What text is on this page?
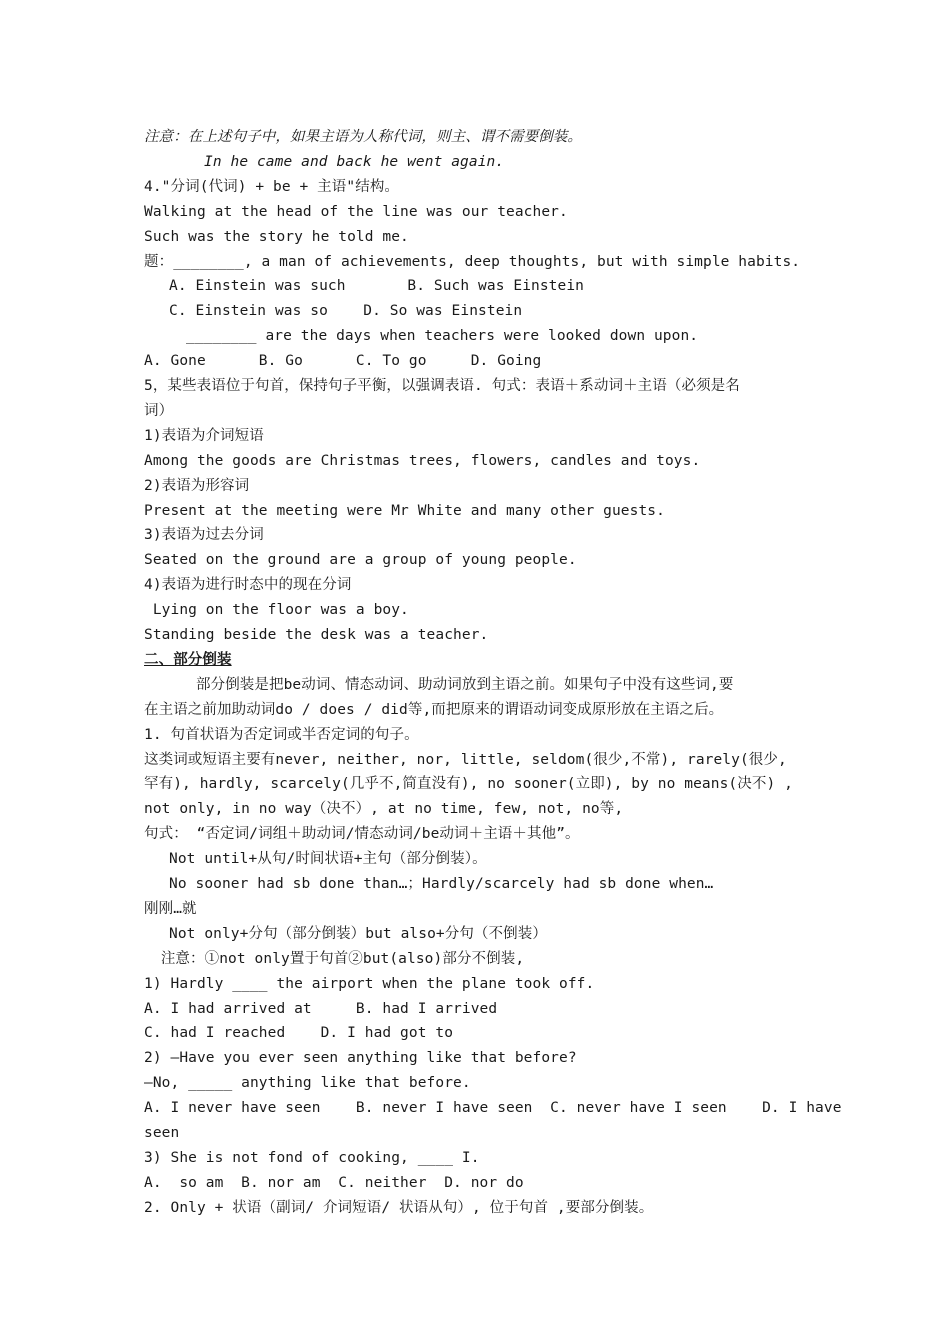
注意：在上述句子中，如果主语为人称代词，则主、谓不需要倒装。
In he came and back he went again.
4."分词(代词) + be + 主语"结构。
Walking at the head of the line was our teacher.
Such was the story he told me.
题：________, a man of achievements, deep thoughts, but with simple habits.
A. Einstein was such       B. Such was Einstein
C. Einstein was so    D. So was Einstein
________ are the days when teachers were looked down upon.
A. Gone      B. Go      C. To go     D. Going
5，某些表语位于句首，保持句子平衡，以强调表语. 句式：表语＋系动词＋主语（必须是名
词）
1)表语为介词短语
Among the goods are Christmas trees, flowers, candles and toys.
2)表语为形容词
Present at the meeting were Mr White and many other guests.
3)表语为过去分词
Seated on the ground are a group of young people.
4)表语为进行时态中的现在分词
Lying on the floor was a boy.
Standing beside the desk was a teacher.
二、部分倒装
部分倒装是把be动词、情态动词、助动词放到主语之前。如果句子中没有这些词,要
在主语之前加助动词do / does / did等,而把原来的谓语动词变成原形放在主语之后。
1. 句首状语为否定词或半否定词的句子。
这类词或短语主要有never, neither, nor, little, seldom(很少,不常), rarely(很少,
罕有), hardly, scarcely(几乎不,简直没有), no sooner(立即), by no means(决不) ,
not only, in no way（决不）, at no time, few, not, no等,
句式： “否定词/词组＋助动词/情态动词/be动词＋主语＋其他”。
Not until+从句/时间状语+主句（部分倒装）。
No sooner had sb done than…；Hardly/scarcely had sb done when…
刚刚…就
Not only+分句（部分倒装）but also+分句（不倒装）
注意：①not only置于句首②but(also)部分不倒装,
1) Hardly ____ the airport when the plane took off.
A. I had arrived at     B. had I arrived
C. had I reached    D. I had got to
2) —Have you ever seen anything like that before?
—No, _____ anything like that before.
A. I never have seen    B. never I have seen  C. never have I seen    D. I have
seen
3) She is not fond of cooking, ____ I.
A.  so am  B. nor am  C. neither  D. nor do
2. Only + 状语（副词/ 介词短语/ 状语从句）, 位于句首 ,要部分倒装。
